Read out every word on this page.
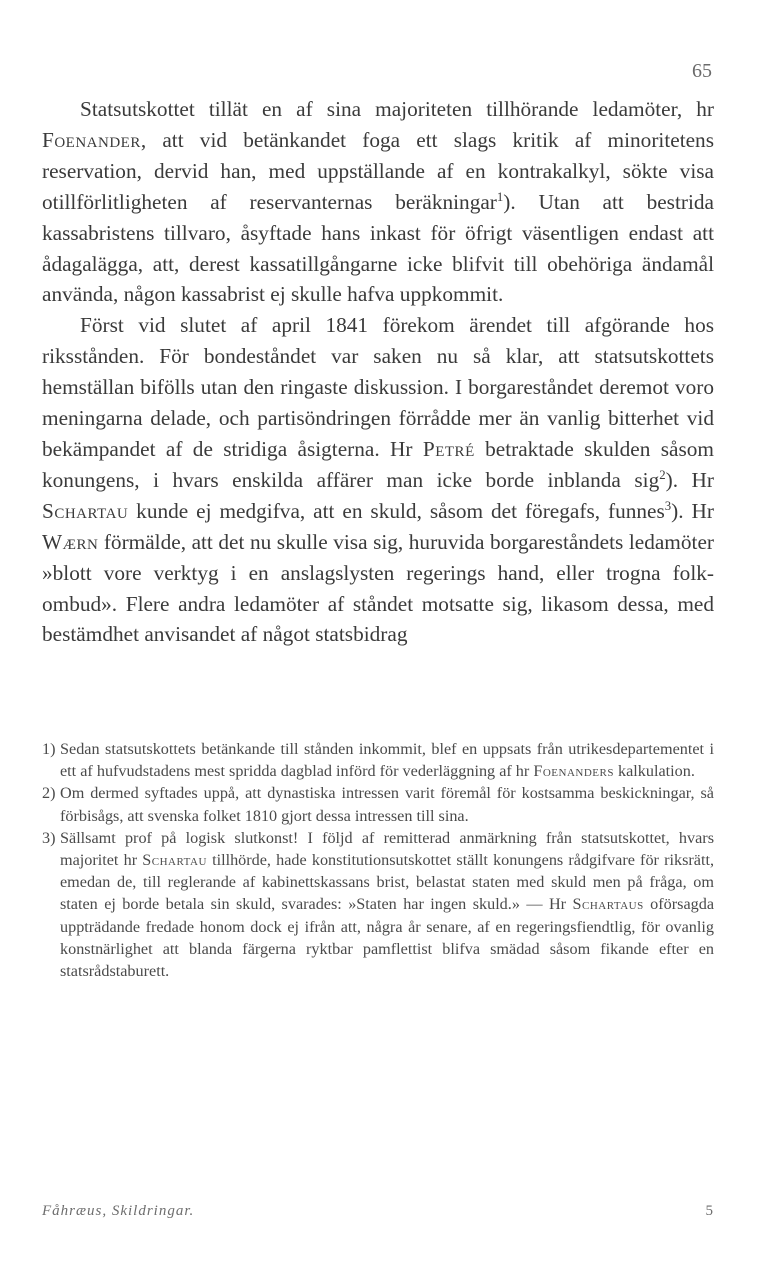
65

Statsutskottet tillät en af sina majoriteten tillhörande ledamöter, hr Foenander, att vid betänkandet foga ett slags kritik af minoritetens reservation, dervid han, med uppställande af en kontrakalkyl, sökte visa otillförlitligheten af reservanternas beräkningar$^1$). Utan att bestrida kassabristens tillvaro, åsyftade hans inkast för öfrigt väsentligen endast att ådagalägga, att, derest kassatillgångarne icke blifvit till obehöriga ändamål använda, någon kassabrist ej skulle hafva uppkommit.

Först vid slutet af april 1841 förekom ärendet till afgörande hos riksstånden. För bondeståndet var saken nu så klar, att statsutskottets hemställan bifölls utan den ringaste diskussion. I borgareståndet deremot voro meningarna delade, och partisöndringen förrådde mer än vanlig bitterhet vid bekämpandet af de stridiga åsigterna. Hr Petré betraktade skulden såsom konungens, i hvars enskilda affärer man icke borde inblanda sig$^2$). Hr Schartau kunde ej medgifva, att en skuld, såsom det föregafs, funnes$^3$). Hr Wærn förmälde, att det nu skulle visa sig, huruvida borgareståndets ledamöter »blott vore verktyg i en anslagslysten regerings hand, eller trogna folkombud». Flere andra ledamöter af ståndet motsatte sig, likasom dessa, med bestämdhet anvisandet af något statsbidrag

1) Sedan statsutskottets betänkande till stånden inkommit, blef en uppsats från utrikesdepartementet i ett af hufvudstadens mest spridda dagblad införd för vederläggning af hr Foenanders kalkulation.

2) Om dermed syftades uppå, att dynastiska intressen varit föremål för kostsamma beskickningar, så förbisågs, att svenska folket 1810 gjort dessa intressen till sina.

3) Sällsamt prof på logisk slutkonst! I följd af remitterad anmärkning från statsutskottet, hvars majoritet hr Schartau tillhörde, hade konstitutionsutskottet ställt konungens rådgifvare för riksrätt, emedan de, till reglerande af kabinettskassans brist, belastat staten med skuld men på fråga, om staten ej borde betala sin skuld, svarades: »Staten har ingen skuld.» — Hr Schartaus oförsagda uppträdande fredade honom dock ej ifrån att, några år senare, af en regeringsfiendtlig, för ovanlig konstnärlighet att blanda färgerna ryktbar pamflettist blifva smädad såsom fikande efter en statsrådstaburett.

Fåhræus, Skildringar.	5
